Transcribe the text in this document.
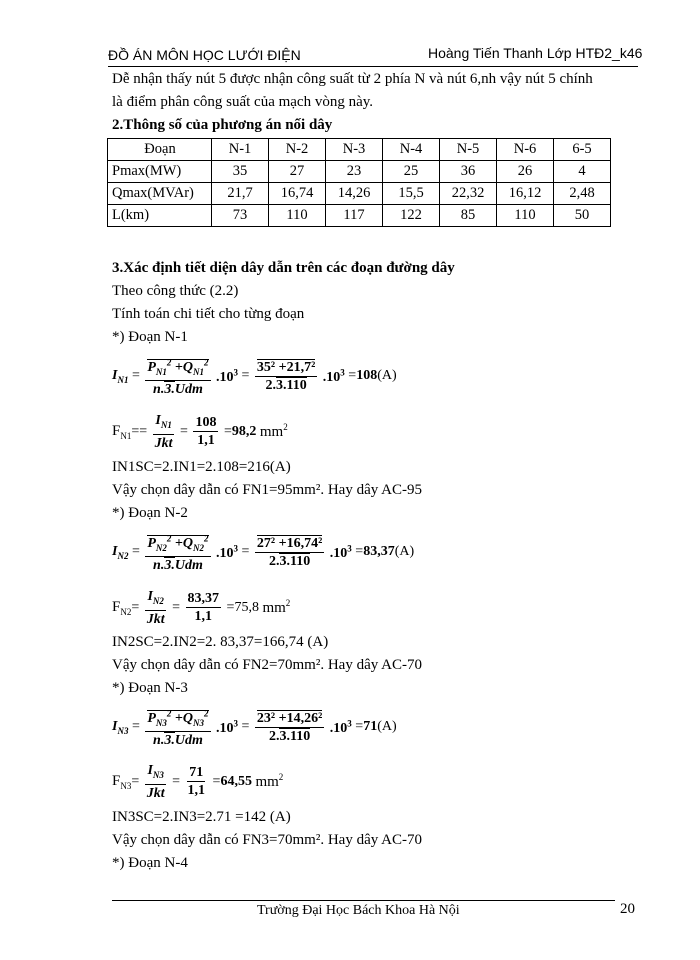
ĐỒ ÁN MÔN HỌC LƯỚI ĐIỆN	Hoàng Tiến Thanh Lớp HTĐ2_k46
Dễ nhận thấy nút 5 được nhận công suất từ 2 phía N và nút 6,nh vậy nút 5 chính
là điểm phân công suất của mạch vòng này.
2.Thông số của phương án nối dây
Đoạn	N-1	N-2	N-3	N-4	N-5	N-6	6-5
Pmax(MW)	35	27	23	25	36	26	4
Qmax(MVAr)	21,7	16,74	14,26	15,5	22,32	16,12	2,48
L(km)	73	110	117	122	85	110	50
3.Xác định tiết diện dây dẫn trên các đoạn đường dây
Theo công thức (2.2)
Tính toán chi tiết cho từng đoạn
*) Đoạn N-1
$I_{N1} = \frac{P_{N1}^2 +Q_{N1}^2}{\text{n.3.Udm}} .10^3 = \frac{\text{35² +21,7²}}{2.3.110} .10^3 =108(A)$
$F_{N1}== \frac{I_{N1}}{\text{Jkt}} = \frac{108}{1,1} =98,2$ $mm^2$
IN1SC=2.IN1=2.108=216(A)
Vậy chọn dây dẫn có FN1=95mm². Hay dây AC-95
*) Đoạn N-2
$I_{N2} = \frac{P_{N2}^2 +Q_{N2}^2}{\text{n.3.Udm}} .10^3 = \frac{\text{27² +16,74²}}{2.3.110} .10^3 =83,37(A)$
$F_{N2}= \frac{I_{N2}}{\text{Jkt}} = \frac{83,37}{1,1} =75,8$ $mm^2$
IN2SC=2.IN2=2. 83,37=166,74 (A)
Vậy chọn dây dẫn có FN2=70mm². Hay dây AC-70
*) Đoạn N-3
$I_{N3} = \frac{P_{N3}^2 +Q_{N3}^2}{\text{n.3.Udm}} .10^3 = \frac{\text{23² +14,26²}}{2.3.110} .10^3 =71(A)$
$F_{N3}= \frac{I_{N3}}{\text{Jkt}} = \frac{71}{1,1} =64,55$ $mm^2$
IN3SC=2.IN3=2.71 =142 (A)
Vậy chọn dây dẫn có FN3=70mm². Hay dây AC-70
*) Đoạn N-4
Trường Đại Học Bách Khoa Hà Nội	20
